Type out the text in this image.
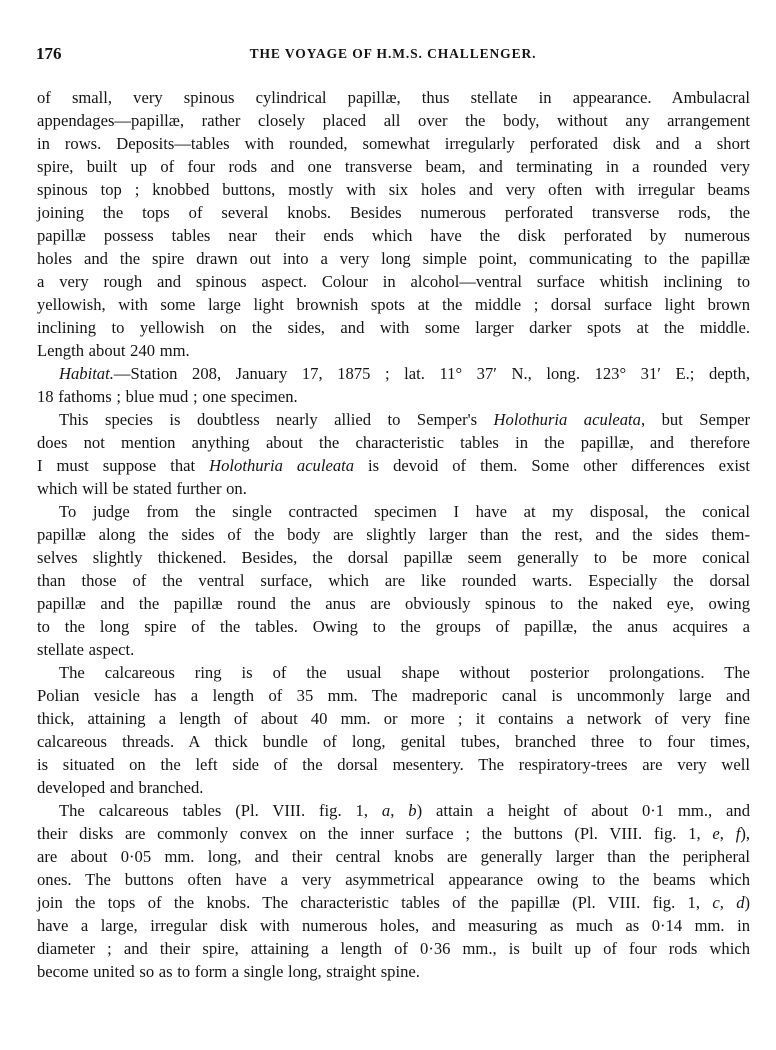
176	THE VOYAGE OF H.M.S. CHALLENGER.
of small, very spinous cylindrical papillæ, thus stellate in appearance. Ambulacral
appendages—papillæ, rather closely placed all over the body, without any arrangement
in rows. Deposits—tables with rounded, somewhat irregularly perforated disk and a short
spire, built up of four rods and one transverse beam, and terminating in a rounded very
spinous top ; knobbed buttons, mostly with six holes and very often with irregular beams
joining the tops of several knobs. Besides numerous perforated transverse rods, the
papillæ possess tables near their ends which have the disk perforated by numerous
holes and the spire drawn out into a very long simple point, communicating to the papillæ
a very rough and spinous aspect. Colour in alcohol—ventral surface whitish inclining to
yellowish, with some large light brownish spots at the middle ; dorsal surface light brown
inclining to yellowish on the sides, and with some larger darker spots at the middle.
Length about 240 mm.
Habitat.—Station 208, January 17, 1875 ; lat. 11° 37′ N., long. 123° 31′ E.; depth,
18 fathoms ; blue mud ; one specimen.
This species is doubtless nearly allied to Semper's Holothuria aculeata, but Semper
does not mention anything about the characteristic tables in the papillæ, and therefore
I must suppose that Holothuria aculeata is devoid of them. Some other differences exist
which will be stated further on.
To judge from the single contracted specimen I have at my disposal, the conical
papillæ along the sides of the body are slightly larger than the rest, and the sides them-
selves slightly thickened. Besides, the dorsal papillæ seem generally to be more conical
than those of the ventral surface, which are like rounded warts. Especially the dorsal
papillæ and the papillæ round the anus are obviously spinous to the naked eye, owing
to the long spire of the tables. Owing to the groups of papillæ, the anus acquires a
stellate aspect.
The calcareous ring is of the usual shape without posterior prolongations. The
Polian vesicle has a length of 35 mm. The madreporic canal is uncommonly large and
thick, attaining a length of about 40 mm. or more ; it contains a network of very fine
calcareous threads. A thick bundle of long, genital tubes, branched three to four times,
is situated on the left side of the dorsal mesentery. The respiratory-trees are very well
developed and branched.
The calcareous tables (Pl. VIII. fig. 1, a, b) attain a height of about 0·1 mm., and
their disks are commonly convex on the inner surface ; the buttons (Pl. VIII. fig. 1, e, f),
are about 0·05 mm. long, and their central knobs are generally larger than the peripheral
ones. The buttons often have a very asymmetrical appearance owing to the beams which
join the tops of the knobs. The characteristic tables of the papillæ (Pl. VIII. fig. 1, c, d)
have a large, irregular disk with numerous holes, and measuring as much as 0·14 mm. in
diameter ; and their spire, attaining a length of 0·36 mm., is built up of four rods which
become united so as to form a single long, straight spine.
